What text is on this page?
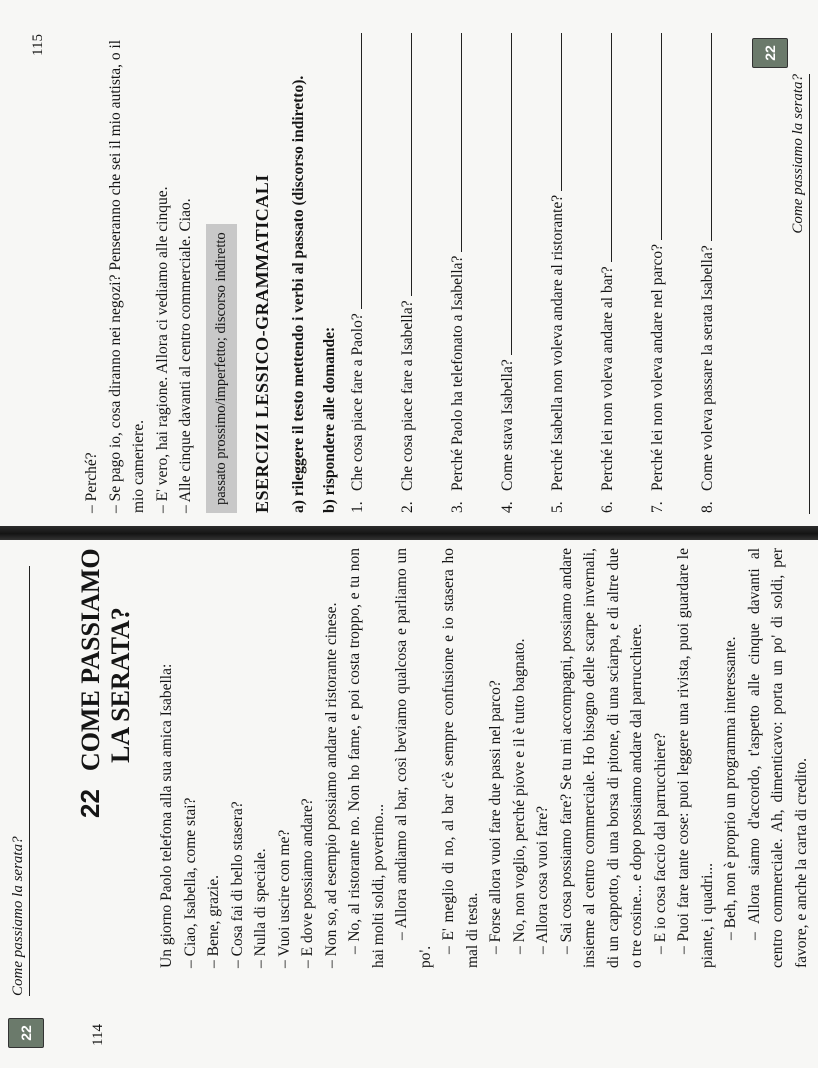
22
Come passiamo la serata?
114
22 COME PASSIAMO LA SERATA? Un giorno Paolo telefona alla sua amica Isabella: – Ciao, Isabella, come stai? – Bene, grazie. – Cosa fai di bello stasera? – Nulla di speciale. – Vuoi uscire con me? – E dove possiamo andare? – Non so, ad esempio possiamo andare al ristorante cinese. – No, al ristorante no. Non ho fame, e poi costa troppo, e tu non hai molti soldi, poverino... – Allora andiamo al bar, così beviamo qualcosa e parliamo un po'.

– E' meglio di no, al bar c'è sempre confusione e io stasera ho mal di testa. – Forse allora vuoi fare due passi nel parco? – No, non voglio, perché piove e il è tutto bagnato. – Allora cosa vuoi fare? – Sai cosa possiamo fare? Se tu mi accompagni, possiamo andare insieme al centro commerciale. Ho bisogno delle scarpe invernali, di un cappotto, di una borsa di pitone, di una sciarpa, e di altre due o tre cosine... e dopo possiamo andare dal parrucchiere. – E io cosa faccio dal parrucchiere? – Puoi fare tante cose: puoi leggere una rivista, puoi guardare le piante, i quadri... – Beh, non è proprio un programma interessante. – Allora siamo d'accordo, t'aspetto alle cinque davanti al centro commerciale. Ah, dimenticavo: porta un po' di soldi, per favore, e anche la carta di credito.

– Perché? – Se pago io, cosa diranno nei negozi? Penseranno che sei il mio autista, o il mio cameriere. – E' vero, hai ragione. Allora ci vediamo alle cinque. – Alle cinque davanti al centro commerciale. Ciao. passato prossimo/imperfetto; discorso indiretto ESERCIZI LESSICO-GRAMMATICALI a) rileggere il testo mettendo i verbi al passato (discorso indiretto).
b) rispondere alle domande:
1.
Che cosa piace fare a Paolo?
2.
Che cosa piace fare a Isabella?
3.
Perché Paolo ha telefonato a Isabella?
4.
Come stava Isabella?
5.
Perché Isabella non voleva andare al ristorante?
6.
Perché lei non voleva andare al bar?
7.
Perché lei non voleva andare nel parco?
8.
Come voleva passare la serata Isabella?
Come passiamo la serata?
22
115
